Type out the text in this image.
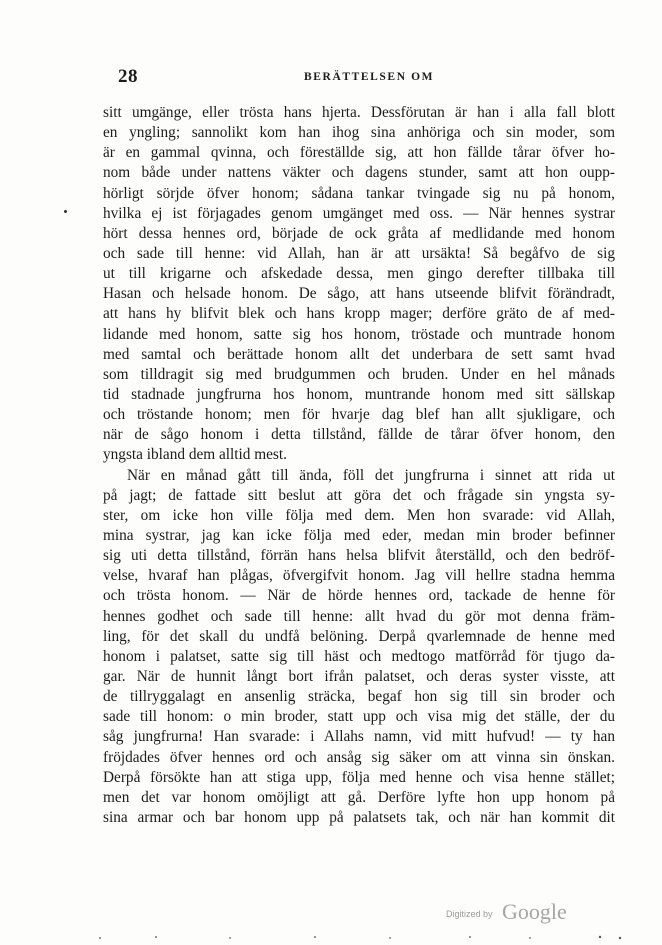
28	BERÄTTELSEN OM
sitt umgänge, eller trösta hans hjerta. Dessförutan är han i alla fall blott
en yngling; sannolikt kom han ihog sina anhöriga och sin moder, som
är en gammal qvinna, och föreställde sig, att hon fällde tårar öfver ho-
nom både under nattens väkter och dagens stunder, samt att hon oupp-
hörligt sörjde öfver honom; sådana tankar tvingade sig nu på honom,
hvilka ej ist förjagades genom umgänget med oss. — När hennes systrar
hört dessa hennes ord, började de ock gråta af medlidande med honom
och sade till henne: vid Allah, han är att ursäkta! Så begåfvo de sig
ut till krigarne och afskedade dessa, men gingo derefter tillbaka till
Hasan och helsade honom. De sågo, att hans utseende blifvit förändradt,
att hans hy blifvit blek och hans kropp mager; derföre gräto de af med-
lidande med honom, satte sig hos honom, tröstade och muntrade honom
med samtal och berättade honom allt det underbara de sett samt hvad
som tilldragit sig med brudgummen och bruden. Under en hel månads
tid stadnade jungfrurna hos honom, muntrande honom med sitt sällskap
och tröstande honom; men för hvarje dag blef han allt sjukligare, och
när de sågo honom i detta tillstånd, fällde de tårar öfver honom, den
yngsta ibland dem alltid mest.
När en månad gått till ända, föll det jungfrurna i sinnet att rida ut
på jagt; de fattade sitt beslut att göra det och frågade sin yngsta sy-
ster, om icke hon ville följa med dem. Men hon svarade: vid Allah,
mina systrar, jag kan icke följa med eder, medan min broder befinner
sig uti detta tillstånd, förrän hans helsa blifvit återställd, och den bedröf-
velse, hvaraf han plågas, öfvergifvit honom. Jag vill hellre stadna hemma
och trösta honom. — När de hörde hennes ord, tackade de henne för
hennes godhet och sade till henne: allt hvad du gör mot denna främ-
ling, för det skall du undfå belöning. Derpå qvarlemnade de henne med
honom i palatset, satte sig till häst och medtogo matförråd för tjugo da-
gar. När de hunnit långt bort ifrån palatset, och deras syster visste, att
de tillryggalagt en ansenlig sträcka, begaf hon sig till sin broder och
sade till honom: o min broder, statt upp och visa mig det ställe, der du
såg jungfrurna! Han svarade: i Allahs namn, vid mitt hufvud! — ty han
fröjdades öfver hennes ord och ansåg sig säker om att vinna sin önskan.
Derpå försökte han att stiga upp, följa med henne och visa henne stället;
men det var honom omöjligt att gå. Derföre lyfte hon upp honom på
sina armar och bar honom upp på palatsets tak, och när han kommit dit
Digitized by Google
